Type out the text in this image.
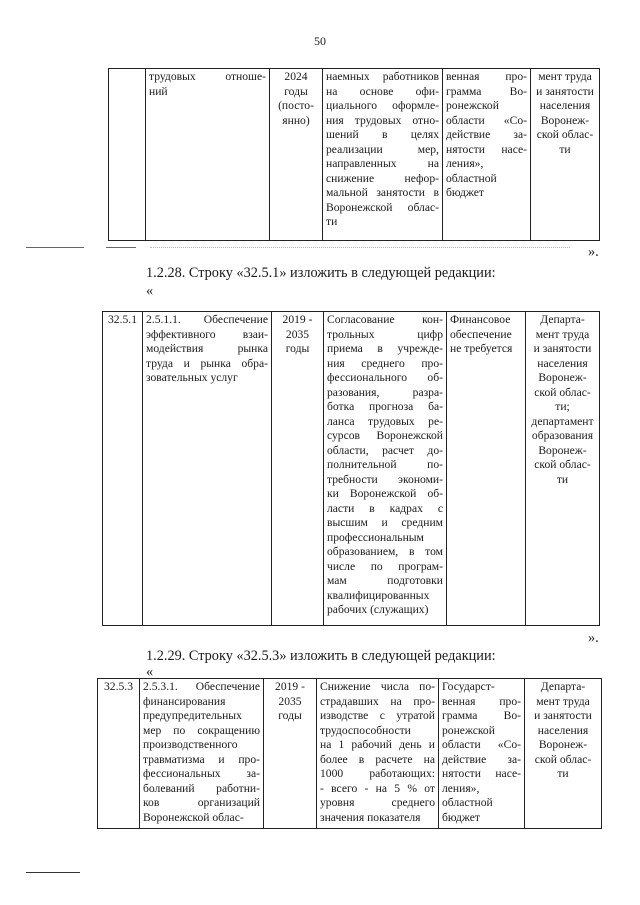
50

трудовых отноше-
ний

2024
годы
(посто-
янно)

наемных работников
на основе офи-
циального оформле-
ния трудовых отно-
шений в целях
реализации мер,
направленных на
снижение нефор-
мальной занятости в
Воронежской облас-
ти

венная про-
грамма Во-
ронежской
области «Со-
действие за-
нятости насе-
ления»,
областной
бюджет

мент труда
и занятости
населения
Воронеж-
ской облас-
ти
».
1.2.28. Строку «32.5.1» изложить в следующей редакции:
«
32.5.1	2.5.1.1. Обеспечение
эффективного взаи-
модействия рынка
труда и рынка обра-
зовательных услуг

2019 -
2035
годы

Согласование кон-
трольных цифр
приема в учрежде-
ния среднего про-
фессионального об-
разования, разра-
ботка прогноза ба-
ланса трудовых ре-
сурсов Воронежской
области, расчет до-
полнительной по-
требности экономи-
ки Воронежской об-
ласти в кадрах с
высшим и средним
профессиональным
образованием, в том
числе по програм-
мам подготовки
квалифицированных
рабочих (служащих)

Финансовое
обеспечение
не требуется

Департа-
мент труда
и занятости
населения
Воронеж-
ской облас-
ти;
департамент
образования
Воронеж-
ской облас-
ти
».
1.2.29. Строку «32.5.3» изложить в следующей редакции:
«
32.5.3	2.5.3.1. Обеспечение
финансирования
предупредительных
мер по сокращению
производственного
травматизма и про-
фессиональных за-
болеваний работни-
ков организаций
Воронежской облас-

2019 -
2035
годы

Снижение числа по-
страдавших на про-
изводстве с утратой
трудоспособности
на 1 рабочий день и
более в расчете на
1000 работающих:
- всего - на 5 % от
уровня среднего
значения показателя

Государст-
венная про-
грамма Во-
ронежской
области «Со-
действие за-
нятости насе-
ления»,
областной
бюджет

Департа-
мент труда
и занятости
населения
Воронеж-
ской облас-
ти
